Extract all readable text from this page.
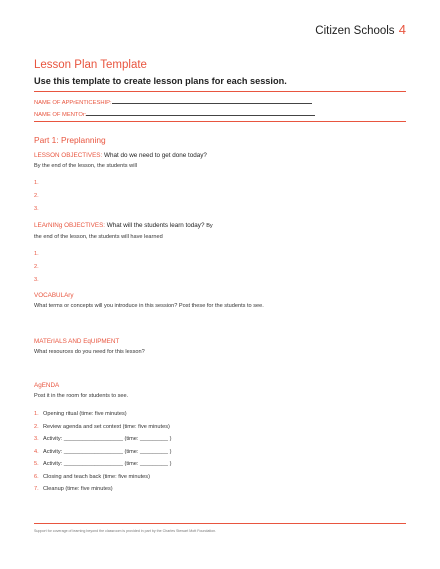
Citizen Schools 4
Lesson Plan Template
Use this template to create lesson plans for each session.
NAME OF APPrENTICESHIP:
NAME OF MENTOr:
Part 1: Preplanning
LESSON OBJECTIVES: What do we need to get done today?
By the end of the lesson, the students will
1.
2.
3.
LEArNINg OBJECTIVES: What will the students learn today? By
the end of the lesson, the students will have learned
1.
2.
3.
VOCABULAry
What terms or concepts will you introduce in this session? Post these for the students to see.
MATErIALS AND EqUIPMENT
What resources do you need for this lesson?
AgENDA
Post it in the room for students to see.
1. Opening ritual (time: five minutes)
2. Review agenda and set context (time: five minutes)
3. Activity: ___________________ (time: _________ )
4. Activity: ___________________ (time: _________ )
5. Activity: ___________________ (time: _________ )
6. Closing and teach back (time: five minutes)
7. Cleanup (time: five minutes)
Support for coverage of learning beyond the classroom is provided in part by the Charles Stewart Mott Foundation.
